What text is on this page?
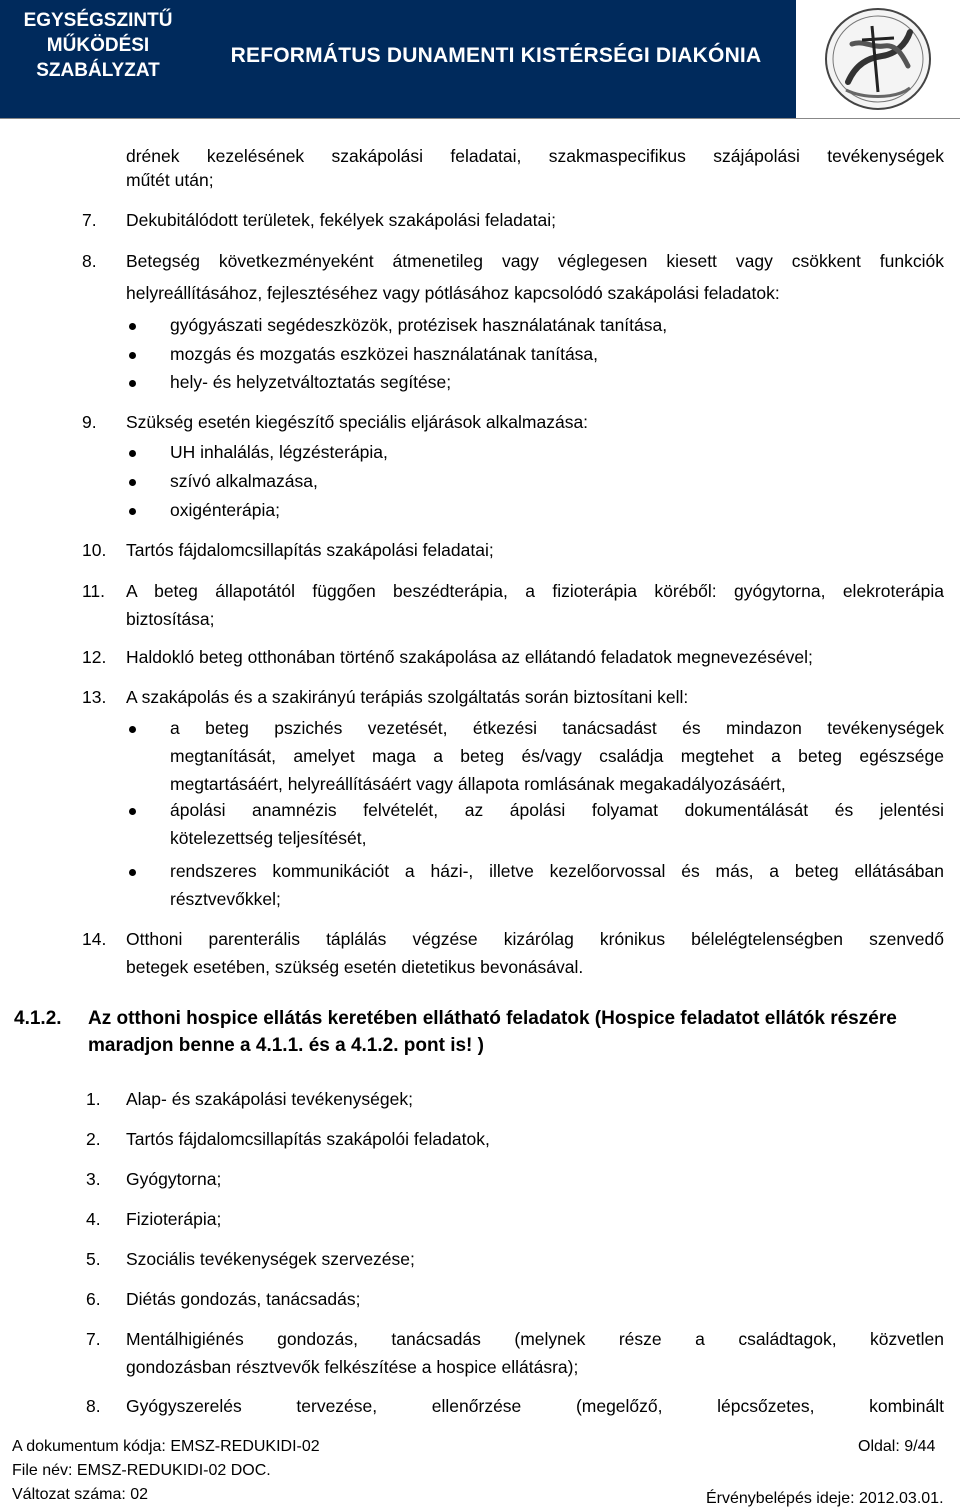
EGYSÉGSZINTŰ
MŰKÖDÉSI
SZABÁLYZAT
REFORMÁTUS DUNAMENTI KISTÉRSÉGI DIAKÓNIA
drének kezelésének szakápolási feladatai, szakmaspecifikus szájápolási tevékenységek
műtét után;
7. Dekubitálódott területek, fekélyek szakápolási feladatai;
8. Betegség következményeként átmenetileg vagy véglegesen kiesett vagy csökkent funkciók
helyreállításához, fejlesztéséhez vagy pótlásához kapcsolódó szakápolási feladatok:
gyógyászati segédeszközök, protézisek használatának tanítása,
mozgás és mozgatás eszközei használatának tanítása,
hely- és helyzetváltoztatás segítése;
9. Szükség esetén kiegészítő speciális eljárások alkalmazása:
UH inhalálás, légzésterápia,
szívó alkalmazása,
oxigénterápia;
10. Tartós fájdalomcsillapítás szakápolási feladatai;
11. A beteg állapotától függően beszédterápia, a fizioterápia köréből: gyógytorna, elekroterápia
biztosítása;
12. Haldokló beteg otthonában történő szakápolása az ellátandó feladatok megnevezésével;
13. A szakápolás és a szakirányú terápiás szolgáltatás során biztosítani kell:
a beteg pszichés vezetését, étkezési tanácsadást és mindazon tevékenységek
megtanítását, amelyet maga a beteg és/vagy családja megtehet a beteg egészsége
megtartásáért, helyreállításáért vagy állapota romlásának megakadályozásáért,
ápolási anamnézis felvételét, az ápolási folyamat dokumentálását és jelentési
kötelezettség teljesítését,
rendszeres kommunikációt a házi-, illetve kezelőorvossal és más, a beteg ellátásában
résztvevőkkel;
14. Otthoni parenterális táplálás végzése kizárólag krónikus bélelégtelenségben szenvedő
betegek esetében, szükség esetén dietetikus bevonásával.
4.1.2. Az otthoni hospice ellátás keretében ellátható feladatok (Hospice feladatot ellátók részére
maradjon benne a 4.1.1. és a 4.1.2. pont is! )
1. Alap- és szakápolási tevékenységek;
2. Tartós fájdalomcsillapítás szakápolói feladatok,
3. Gyógytorna;
4. Fizioterápia;
5. Szociális tevékenységek szervezése;
6. Diétás gondozás, tanácsadás;
7. Mentálhigiénés gondozás, tanácsadás (melynek része a családtagok, közvetlen
gondozásban résztvevők felkészítése a hospice ellátásra);
8. Gyógyszerelés tervezése, ellenőrzése (megelőző, lépcsőzetes, kombinált
A dokumentum kódja: EMSZ-REDUKIDI-02	Oldal: 9/44
File név: EMSZ-REDUKIDI-02 DOC.
Változat száma: 02	Érvénybelépés ideje: 2012.03.01.
